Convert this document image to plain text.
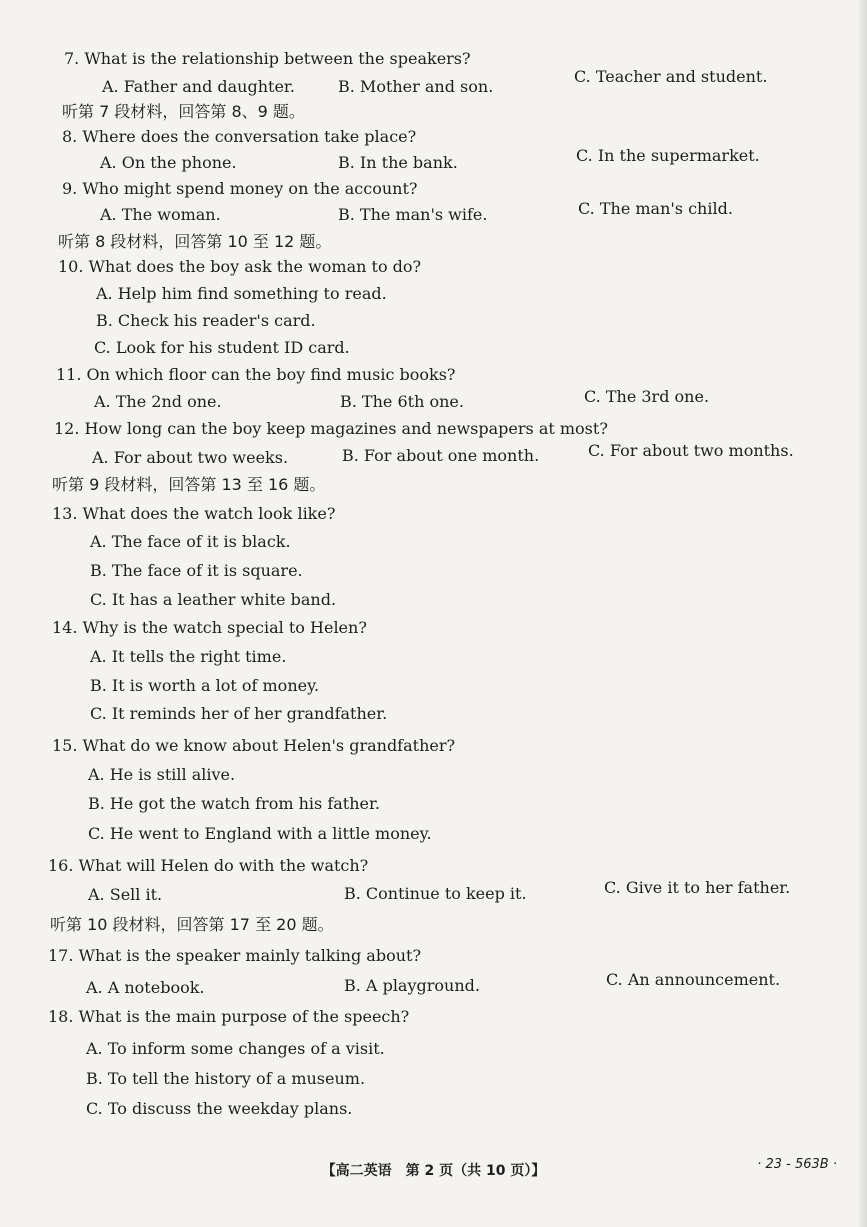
7. What is the relationship between the speakers?

A. Father and daughter.	B. Mother and son.

C. Teacher and student.

听第 7 段材料，回答第 8、9 题。

8. Where does the conversation take place?

A. On the phone.	B. In the bank.	C. In the supermarket.

9. Who might spend money on the account?

A. The woman.	B. The man's wife.	C. The man's child.

听第 8 段材料，回答第 10 至 12 题。

10. What does the boy ask the woman to do?

A. Help him find something to read.

B. Check his reader's card.

C. Look for his student ID card.

11. On which floor can the boy find music books?

A. The 2nd one.	B. The 6th one.	C. The 3rd one.

12. How long can the boy keep magazines and newspapers at most?

A. For about two weeks.	B. For about one month.	C. For about two months.

听第 9 段材料，回答第 13 至 16 题。

13. What does the watch look like?

A. The face of it is black.

B. The face of it is square.

C. It has a leather white band.

14. Why is the watch special to Helen?

A. It tells the right time.

B. It is worth a lot of money.

C. It reminds her of her grandfather.

15. What do we know about Helen's grandfather?

A. He is still alive.

B. He got the watch from his father.

C. He went to England with a little money.

16. What will Helen do with the watch?

A. Sell it.	B. Continue to keep it.	C. Give it to her father.

听第 10 段材料，回答第 17 至 20 题。

17. What is the speaker mainly talking about?

A. A notebook.	B. A playground.	C. An announcement.

18. What is the main purpose of the speech?

A. To inform some changes of a visit.

B. To tell the history of a museum.

C. To discuss the weekday plans.

【高二英语　第 2 页（共 10 页）】	· 23 - 563B ·
